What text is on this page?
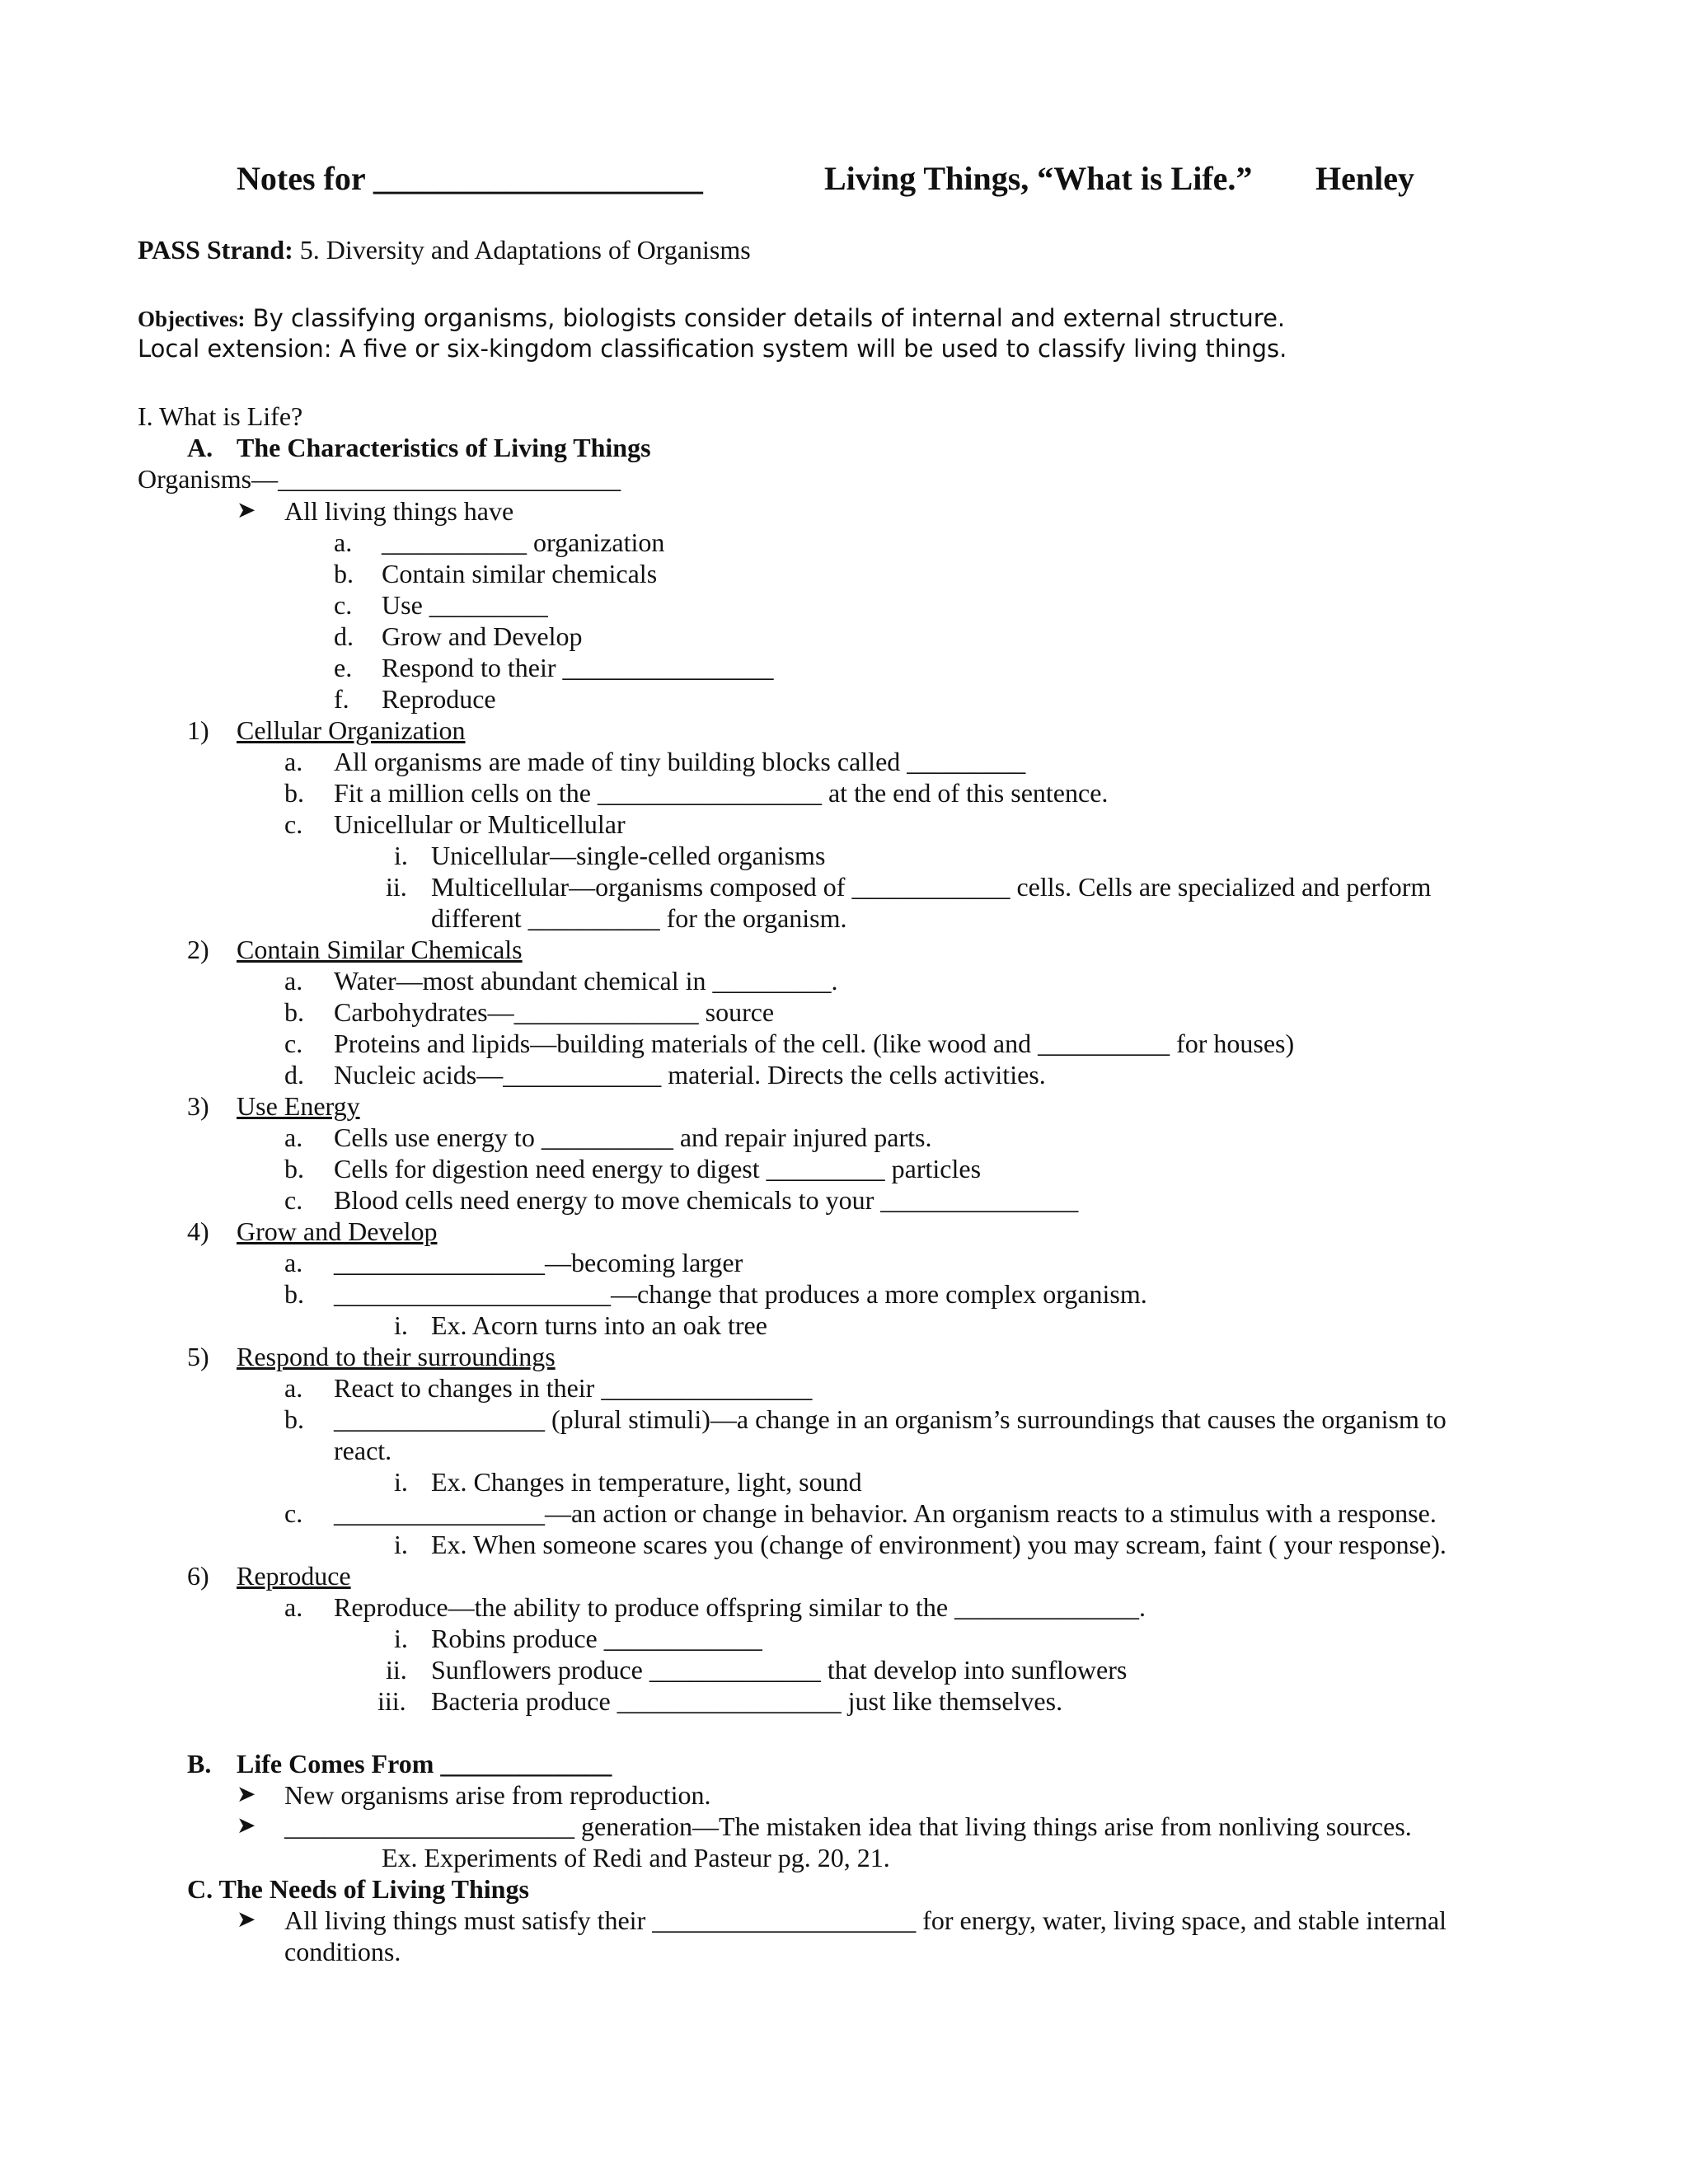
Notes for ____________________	Living Things, “What is Life.” Henley
PASS Strand: 5. Diversity and Adaptations of Organisms
Objectives: By classifying organisms, biologists consider details of internal and external structure.
Local extension: A five or six-kingdom classification system will be used to classify living things.
I. What is Life?
A. The Characteristics of Living Things
Organisms—__________________________
➤ All living things have
a. ___________ organization
b. Contain similar chemicals
c. Use _________
d. Grow and Develop
e. Respond to their ________________
f. Reproduce
1) Cellular Organization
a. All organisms are made of tiny building blocks called _________
b. Fit a million cells on the _________________ at the end of this sentence.
c. Unicellular or Multicellular
i. Unicellular—single-celled organisms
ii. Multicellular—organisms composed of ____________ cells. Cells are specialized and perform
different __________ for the organism.
2) Contain Similar Chemicals
a. Water—most abundant chemical in _________.
b. Carbohydrates—______________ source
c. Proteins and lipids—building materials of the cell. (like wood and __________ for houses)
d. Nucleic acids—____________ material. Directs the cells activities.
3) Use Energy
a. Cells use energy to __________ and repair injured parts.
b. Cells for digestion need energy to digest _________ particles
c. Blood cells need energy to move chemicals to your _______________
4) Grow and Develop
a. ________________—becoming larger
b. _____________________—change that produces a more complex organism.
i. Ex. Acorn turns into an oak tree
5) Respond to their surroundings
a. React to changes in their ________________
b. ________________ (plural stimuli)—a change in an organism’s surroundings that causes the organism to
react.
i. Ex. Changes in temperature, light, sound
c. ________________—an action or change in behavior. An organism reacts to a stimulus with a response.
i. Ex. When someone scares you (change of environment) you may scream, faint ( your response).
6) Reproduce
a. Reproduce—the ability to produce offspring similar to the ______________.
i. Robins produce ____________
ii. Sunflowers produce _____________ that develop into sunflowers
iii. Bacteria produce _________________ just like themselves.
B. Life Comes From _____________
➤ New organisms arise from reproduction.
➤ ______________________ generation—The mistaken idea that living things arise from nonliving sources.
Ex. Experiments of Redi and Pasteur pg. 20, 21.
C. The Needs of Living Things
➤ All living things must satisfy their ____________________ for energy, water, living space, and stable internal
conditions.
